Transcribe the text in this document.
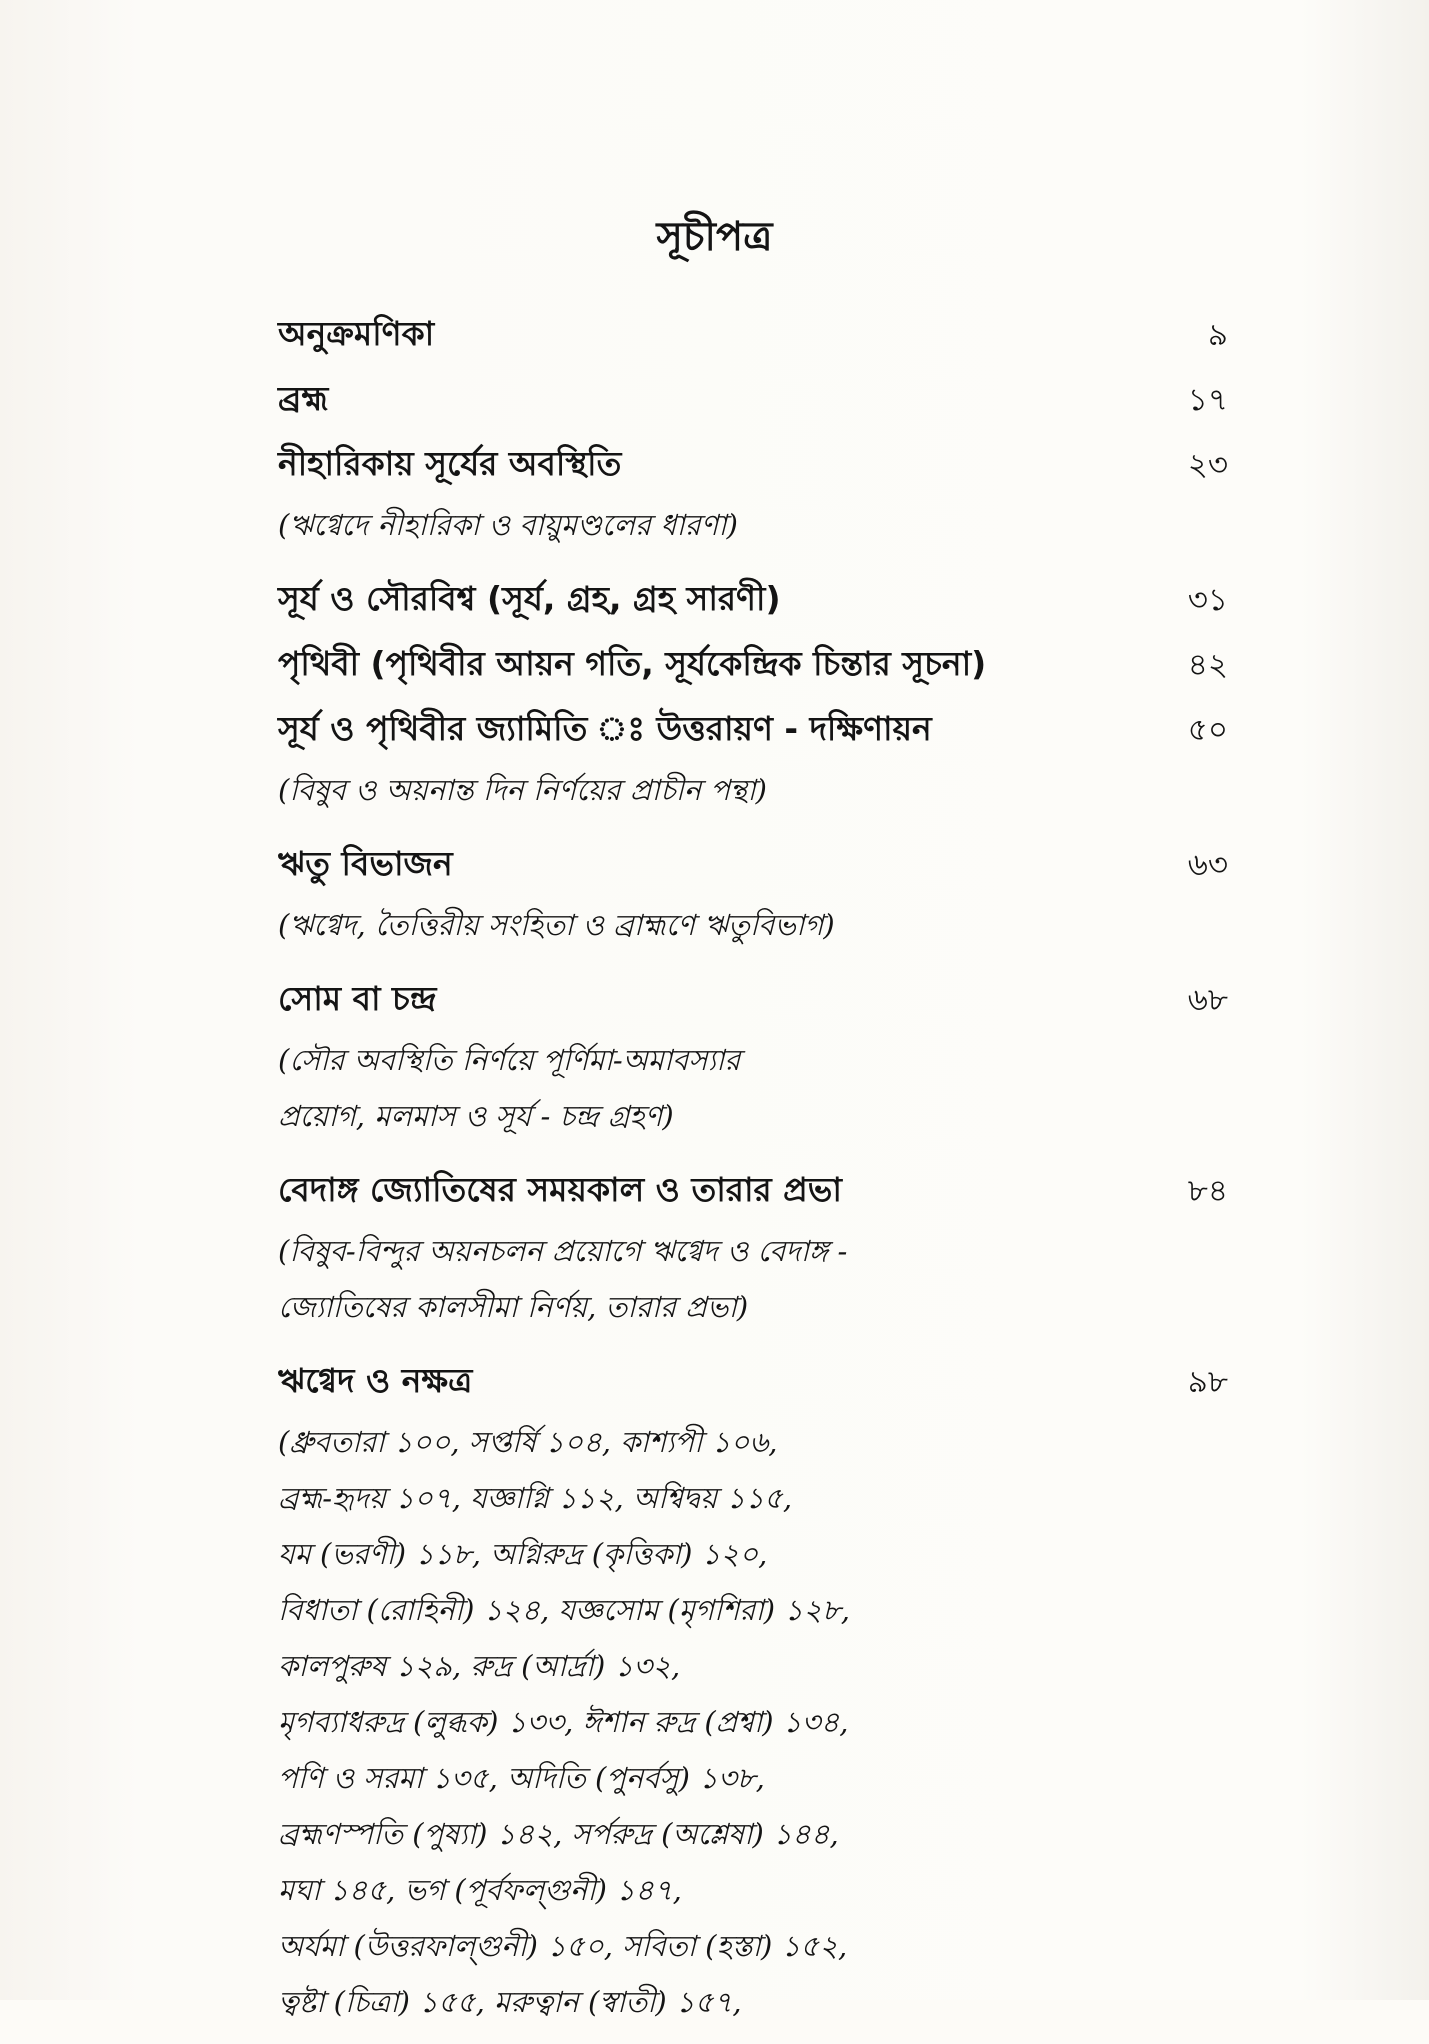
সূচীপত্র
অনুক্রমণিকা	৯
ব্রহ্ম	১৭
নীহারিকায় সূর্যের অবস্থিতি	২৩
(ঋগ্বেদে নীহারিকা ও বায়ুমণ্ডলের ধারণা)
সূর্য ও সৌরবিশ্ব (সূর্য, গ্রহ, গ্রহ সারণী)	৩১
পৃথিবী (পৃথিবীর আয়ন গতি, সূর্যকেন্দ্রিক চিন্তার সূচনা)	৪২
সূর্য ও পৃথিবীর জ্যামিতি ঃ উত্তরায়ণ - দক্ষিণায়ন	৫০
(বিষুব ও অয়নান্ত দিন নির্ণয়ের প্রাচীন পন্থা)
ঋতু বিভাজন	৬৩
(ঋগ্বেদ, তৈত্তিরীয় সংহিতা ও ব্রাহ্মণে ঋতুবিভাগ)
সোম বা চন্দ্র	৬৮
(সৌর অবস্থিতি নির্ণয়ে পূর্ণিমা-অমাবস্যার
প্রয়োগ, মলমাস ও সূর্য - চন্দ্র গ্রহণ)
বেদাঙ্গ জ্যোতিষের সময়কাল ও তারার প্রভা	৮৪
(বিষুব-বিন্দুর অয়নচলন প্রয়োগে ঋগ্বেদ ও বেদাঙ্গ -
জ্যোতিষের কালসীমা নির্ণয়, তারার প্রভা)
ঋগ্বেদ ও নক্ষত্র	৯৮
(ধ্রুবতারা ১০০, সপ্তর্ষি ১০৪, কাশ্যপী ১০৬,
ব্রহ্ম-হৃদয় ১০৭, যজ্ঞাগ্নি ১১২, অশ্বিদ্বয় ১১৫,
যম (ভরণী) ১১৮, অগ্নিরুদ্র (কৃত্তিকা) ১২০,
বিধাতা (রোহিনী) ১২৪, যজ্ঞসোম (মৃগশিরা) ১২৮,
কালপুরুষ ১২৯, রুদ্র (আর্দ্রা) ১৩২,
মৃগব্যাধরুদ্র (লুব্ধক) ১৩৩, ঈশান রুদ্র (প্রশ্বা) ১৩৪,
পণি ও সরমা ১৩৫, অদিতি (পুনর্বসু) ১৩৮,
ব্রহ্মণস্পতি (পুষ্যা) ১৪২, সর্পরুদ্র (অশ্লেষা) ১৪৪,
মঘা ১৪৫, ভগ (পূর্বফল্গুনী) ১৪৭,
অর্যমা (উত্তরফাল্গুনী) ১৫০, সবিতা (হস্তা) ১৫২,
ত্বষ্টা (চিত্রা) ১৫৫, মরুত্বান (স্বাতী) ১৫৭,
